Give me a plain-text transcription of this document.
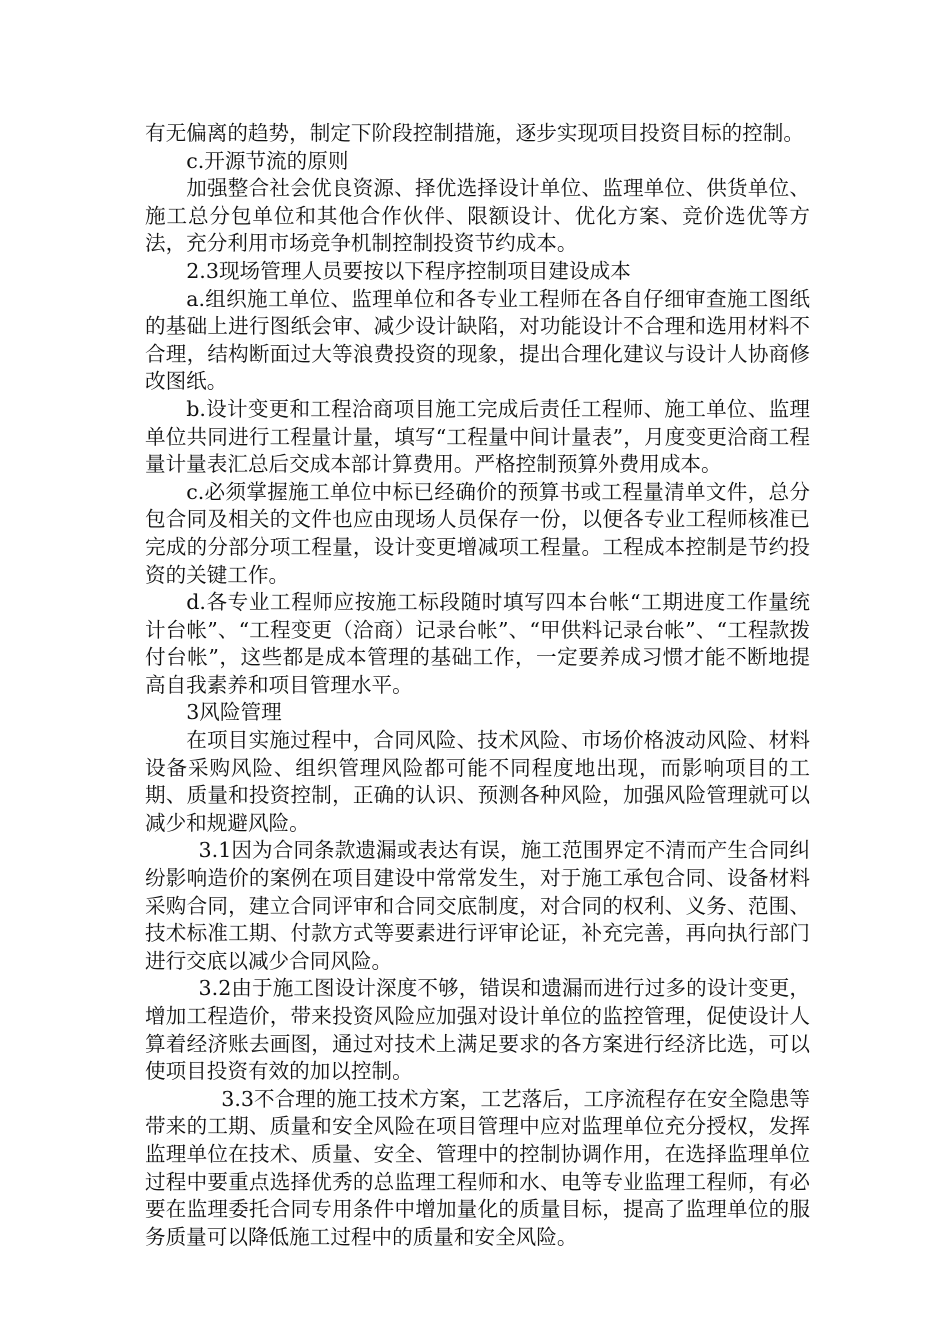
有无偏离的趋势，制定下阶段控制措施，逐步实现项目投资目标的控制。

c.开源节流的原则

加强整合社会优良资源、择优选择设计单位、监理单位、供货单位、施工总分包单位和其他合作伙伴、限额设计、优化方案、竞价选优等方法，充分利用市场竞争机制控制投资节约成本。

2.3现场管理人员要按以下程序控制项目建设成本

a.组织施工单位、监理单位和各专业工程师在各自仔细审查施工图纸的基础上进行图纸会审、减少设计缺陷，对功能设计不合理和选用材料不合理，结构断面过大等浪费投资的现象，提出合理化建议与设计人协商修改图纸。

b.设计变更和工程洽商项目施工完成后责任工程师、施工单位、监理单位共同进行工程量计量，填写“工程量中间计量表”，月度变更洽商工程量计量表汇总后交成本部计算费用。严格控制预算外费用成本。

c.必须掌握施工单位中标已经确价的预算书或工程量清单文件，总分包合同及相关的文件也应由现场人员保存一份，以便各专业工程师核准已完成的分部分项工程量，设计变更增减项工程量。工程成本控制是节约投资的关键工作。

d.各专业工程师应按施工标段随时填写四本台帐“工期进度工作量统计台帐”、“工程变更（洽商）记录台帐”、“甲供料记录台帐”、“工程款拨付台帐”，这些都是成本管理的基础工作，一定要养成习惯才能不断地提高自我素养和项目管理水平。

3风险管理

在项目实施过程中，合同风险、技术风险、市场价格波动风险、材料设备采购风险、组织管理风险都可能不同程度地出现，而影响项目的工期、质量和投资控制，正确的认识、预测各种风险，加强风险管理就可以减少和规避风险。

3.1因为合同条款遗漏或表达有误，施工范围界定不清而产生合同纠纷影响造价的案例在项目建设中常常发生，对于施工承包合同、设备材料采购合同，建立合同评审和合同交底制度，对合同的权利、义务、范围、技术标准工期、付款方式等要素进行评审论证，补充完善，再向执行部门进行交底以减少合同风险。

3.2由于施工图设计深度不够，错误和遗漏而进行过多的设计变更，增加工程造价，带来投资风险应加强对设计单位的监控管理，促使设计人算着经济账去画图，通过对技术上满足要求的各方案进行经济比选，可以使项目投资有效的加以控制。

3.3不合理的施工技术方案，工艺落后，工序流程存在安全隐患等带来的工期、质量和安全风险在项目管理中应对监理单位充分授权，发挥监理单位在技术、质量、安全、管理中的控制协调作用，在选择监理单位过程中要重点选择优秀的总监理工程师和水、电等专业监理工程师，有必要在监理委托合同专用条件中增加量化的质量目标，提高了监理单位的服务质量可以降低施工过程中的质量和安全风险。
